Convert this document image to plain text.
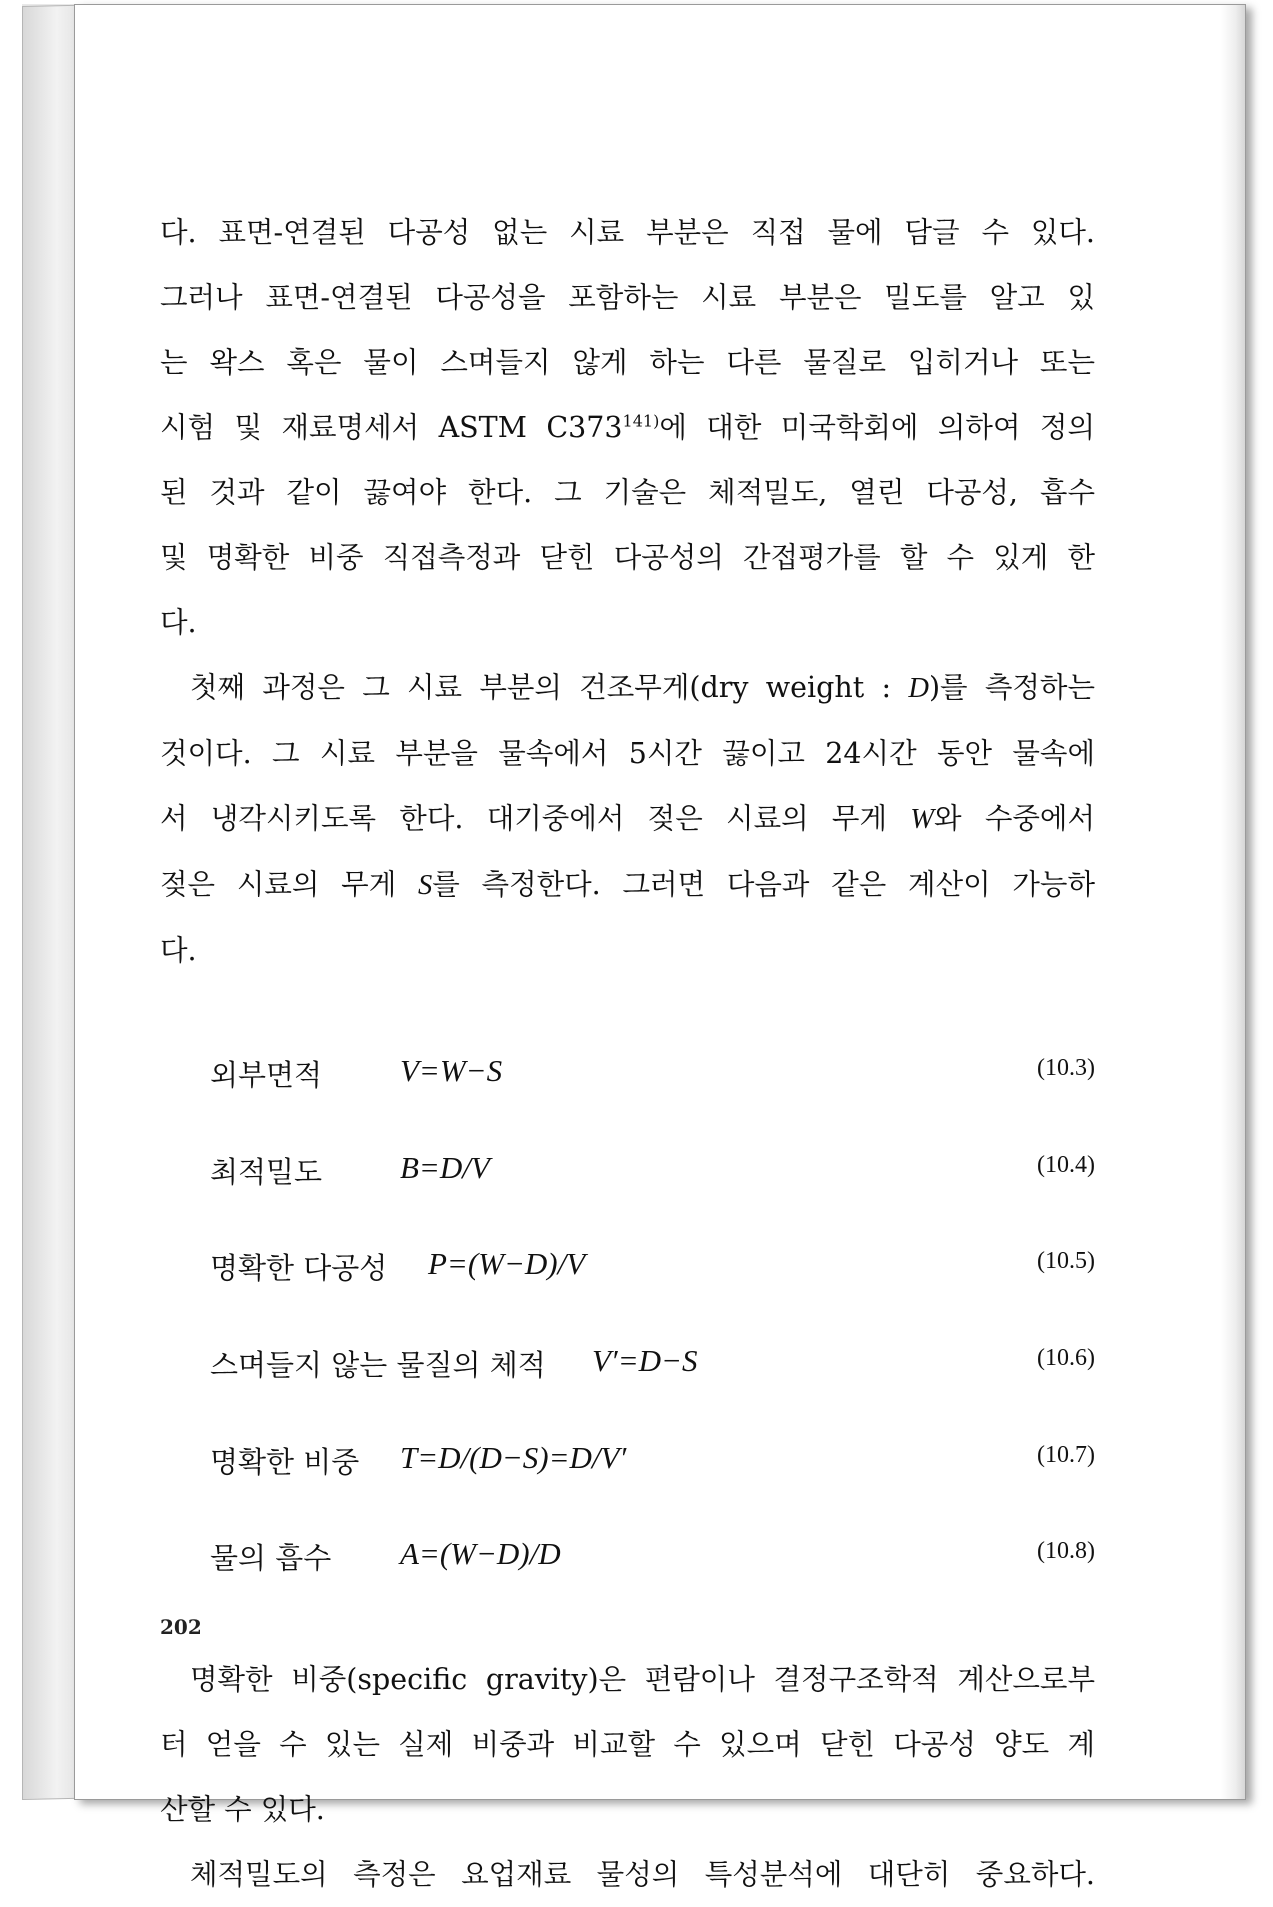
다. 표면-연결된 다공성 없는 시료 부분은 직접 물에 담글 수 있다.

그러나 표면-연결된 다공성을 포함하는 시료 부분은 밀도를 알고 있

는 왁스 혹은 물이 스며들지 않게 하는 다른 물질로 입히거나 또는

시험 및 재료명세서 ASTM C373$^{141)}$에 대한 미국학회에 의하여 정의

된 것과 같이 끓여야 한다. 그 기술은 체적밀도, 열린 다공성, 흡수

및 명확한 비중 직접측정과 닫힌 다공성의 간접평가를 할 수 있게 한

다.

첫째 과정은 그 시료 부분의 건조무게(dry weight : D)를 측정하는

것이다. 그 시료 부분을 물속에서 5시간 끓이고 24시간 동안 물속에

서 냉각시키도록 한다. 대기중에서 젖은 시료의 무게 W와 수중에서

젖은 시료의 무게 S를 측정한다. 그러면 다음과 같은 계산이 가능하

다.

외부면적	V=W−S	(10.3)
최적밀도	B=D/V	(10.4)
명확한 다공성 P=(W−D)/V	(10.5)
스며들지 않는 물질의 체적 V′=D−S	(10.6)
명확한 비중 T=D/(D−S)=D/V′	(10.7)
물의 흡수 A=(W−D)/D	(10.8)

명확한 비중(specific gravity)은 편람이나 결정구조학적 계산으로부

터 얻을 수 있는 실제 비중과 비교할 수 있으며 닫힌 다공성 양도 계

산할 수 있다.

체적밀도의 측정은 요업재료 물성의 특성분석에 대단히 중요하다.

202
